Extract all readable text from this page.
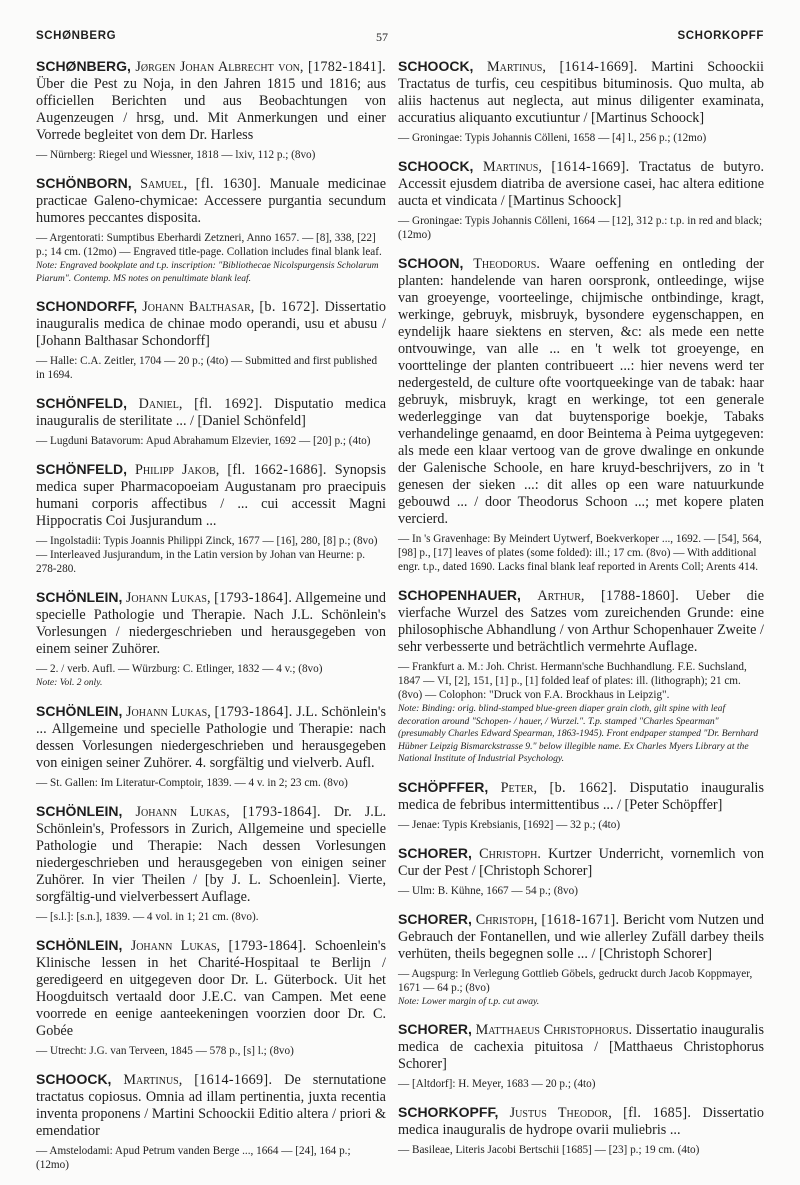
SCHØNBERG	57	SCHORKOPFF
SCHØNBERG, Jørgen Johan Albrecht von, [1782-1841]. Über die Pest zu Noja, in den Jahren 1815 und 1816; aus officiellen Berichten und aus Beobachtungen von Augenzeugen / hrsg, und. Mit Anmerkungen und einer Vorrede begleitet von dem Dr. Harless
— Nürnberg: Riegel und Wiessner, 1818 — lxiv, 112 p.; (8vo)
SCHÖNBORN, Samuel, [fl. 1630]. Manuale medicinae practicae Galeno-chymicae: Accessere purgantia secundum humores peccantes disposita.
— Argentorati: Sumptibus Eberhardi Zetzneri, Anno 1657. — [8], 338, [22] p.; 14 cm. (12mo) — Engraved title-page. Collation includes final blank leaf.
Note: Engraved bookplate and t.p. inscription: "Bibliothecae Nicolspurgensis Scholarum Piarum". Contemp. MS notes on penultimate blank leaf.
SCHONDORFF, Johann Balthasar, [b. 1672]. Dissertatio inauguralis medica de chinae modo operandi, usu et abusu / [Johann Balthasar Schondorff]
— Halle: C.A. Zeitler, 1704 — 20 p.; (4to) — Submitted and first published in 1694.
SCHÖNFELD, Daniel, [fl. 1692]. Disputatio medica inauguralis de sterilitate ... / [Daniel Schönfeld]
— Lugduni Batavorum: Apud Abrahamum Elzevier, 1692 — [20] p.; (4to)
SCHÖNFELD, Philipp Jakob, [fl. 1662-1686]. Synopsis medica super Pharmacopoeiam Augustanam pro praecipuis humani corporis affectibus / ... cui accessit Magni Hippocratis Coi Jusjurandum ...
— Ingolstadii: Typis Joannis Philippi Zinck, 1677 — [16], 280, [8] p.; (8vo) — Interleaved Jusjurandum, in the Latin version by Johan van Heurne: p. 278-280.
SCHÖNLEIN, Johann Lukas, [1793-1864]. Allgemeine und specielle Pathologie und Therapie. Nach J.L. Schönlein's Vorlesungen / niedergeschrieben und herausgegeben von einem seiner Zuhörer.
— 2. / verb. Aufl. — Würzburg: C. Etlinger, 1832 — 4 v.; (8vo)
Note: Vol. 2 only.
SCHÖNLEIN, Johann Lukas, [1793-1864]. J.L. Schönlein's ... Allgemeine und specielle Pathologie und Therapie: nach dessen Vorlesungen niedergeschrieben und herausgegeben von einigen seiner Zuhörer. 4. sorgfältig und vielverb. Aufl.
— St. Gallen: Im Literatur-Comptoir, 1839. — 4 v. in 2; 23 cm. (8vo)
SCHÖNLEIN, Johann Lukas, [1793-1864]. Dr. J.L. Schönlein's, Professors in Zurich, Allgemeine und specielle Pathologie und Therapie: Nach dessen Vorlesungen niedergeschrieben und herausgegeben von einigen seiner Zuhörer. In vier Theilen / [by J. L. Schoenlein]. Vierte, sorgfältig-und vielverbessert Auflage.
— [s.l.]: [s.n.], 1839. — 4 vol. in 1; 21 cm. (8vo).
SCHÖNLEIN, Johann Lukas, [1793-1864]. Schoenlein's Klinische lessen in het Charité-Hospitaal te Berlijn / geredigeerd en uitgegeven door Dr. L. Güterbock. Uit het Hoogduitsch vertaald door J.E.C. van Campen. Met eene voorrede en eenige aanteekeningen voorzien door Dr. C. Gobée
— Utrecht: J.G. van Terveen, 1845 — 578 p., [s] l.; (8vo)
SCHOOCK, Martinus, [1614-1669]. De sternutatione tractatus copiosus. Omnia ad illam pertinentia, juxta recentia inventa proponens / Martini Schoockii Editio altera / priori & emendatior
— Amstelodami: Apud Petrum vanden Berge ..., 1664 — [24], 164 p.; (12mo)
SCHOOCK, Martinus, [1614-1669]. Martini Schoockii Tractatus de turfis, ceu cespitibus bituminosis. Quo multa, ab aliis hactenus aut neglecta, aut minus diligenter examinata, accuratius aliquanto excutiuntur / [Martinus Schoock]
— Groningae: Typis Johannis Cölleni, 1658 — [4] l., 256 p.; (12mo)
SCHOOCK, Martinus, [1614-1669]. Tractatus de butyro. Accessit ejusdem diatriba de aversione casei, hac altera editione aucta et vindicata / [Martinus Schoock]
— Groningae: Typis Johannis Cölleni, 1664 — [12], 312 p.: t.p. in red and black; (12mo)
SCHOON, Theodorus. Waare oeffening en ontleding der planten: handelende van haren oorspronk, ontleedinge, wijse van groeyenge, voorteelinge, chijmische ontbindinge, kragt, werkinge, gebruyk, misbruyk, bysondere eygenschappen, en eyndelijk haare siektens en sterven, &c: als mede een nette ontvouwinge, van alle ... en 't welk tot groeyenge, en voorttelinge der planten contribueert ...: hier nevens werd ter nedergesteld, de culture ofte voortqueekinge van de tabak: haar gebruyk, misbruyk, kragt en werkinge, tot een generale wederlegginge van dat buytensporige boekje, Tabaks verhandelinge genaamd, en door Beintema à Peima uytgegeven: als mede een klaar vertoog van de grove dwalinge en onkunde der Galenische Schoole, en hare kruyd-beschrijvers, zo in 't genesen der sieken ...: dit alles op een ware natuurkunde gebouwd ... / door Theodorus Schoon ...; met kopere platen vercierd.
— In 's Gravenhage: By Meindert Uytwerf, Boekverkoper ..., 1692. — [54], 564, [98] p., [17] leaves of plates (some folded): ill.; 17 cm. (8vo) — With additional engr. t.p., dated 1690. Lacks final blank leaf reported in Arents Coll; Arents 414.
SCHOPENHAUER, Arthur, [1788-1860]. Ueber die vierfache Wurzel des Satzes vom zureichenden Grunde: eine philosophische Abhandlung / von Arthur Schopenhauer Zweite / sehr verbesserte und beträchtlich vermehrte Auflage.
— Frankfurt a. M.: Joh. Christ. Hermann'sche Buchhandlung. F.E. Suchsland, 1847 — VI, [2], 151, [1] p., [1] folded leaf of plates: ill. (lithograph); 21 cm. (8vo) — Colophon: "Druck von F.A. Brockhaus in Leipzig".
Note: Binding: orig. blind-stamped blue-green diaper grain cloth, gilt spine with leaf decoration around "Schopen- / hauer, / Wurzel.". T.p. stamped "Charles Spearman" (presumably Charles Edward Spearman, 1863-1945). Front endpaper stamped "Dr. Bernhard Hübner Leipzig Bismarckstrasse 9." below illegible name. Ex Charles Myers Library at the National Institute of Industrial Psychology.
SCHÖPFFER, Peter, [b. 1662]. Disputatio inauguralis medica de febribus intermittentibus ... / [Peter Schöpffer]
— Jenae: Typis Krebsianis, [1692] — 32 p.; (4to)
SCHORER, Christoph. Kurtzer Underricht, vornemlich von Cur der Pest / [Christoph Schorer]
— Ulm: B. Kühne, 1667 — 54 p.; (8vo)
SCHORER, Christoph, [1618-1671]. Bericht vom Nutzen und Gebrauch der Fontanellen, und wie allerley Zufäll darbey theils verhüten, theils begegnen solle ... / [Christoph Schorer]
— Augspurg: In Verlegung Gottlieb Göbels, gedruckt durch Jacob Koppmayer, 1671 — 64 p.; (8vo)
Note: Lower margin of t.p. cut away.
SCHORER, Matthaeus Christophorus. Dissertatio inauguralis medica de cachexia pituitosa / [Matthaeus Christophorus Schorer]
— [Altdorf]: H. Meyer, 1683 — 20 p.; (4to)
SCHORKOPFF, Justus Theodor, [fl. 1685]. Dissertatio medica inauguralis de hydrope ovarii muliebris ...
— Basileae, Literis Jacobi Bertschii [1685] — [23] p.; 19 cm. (4to)
